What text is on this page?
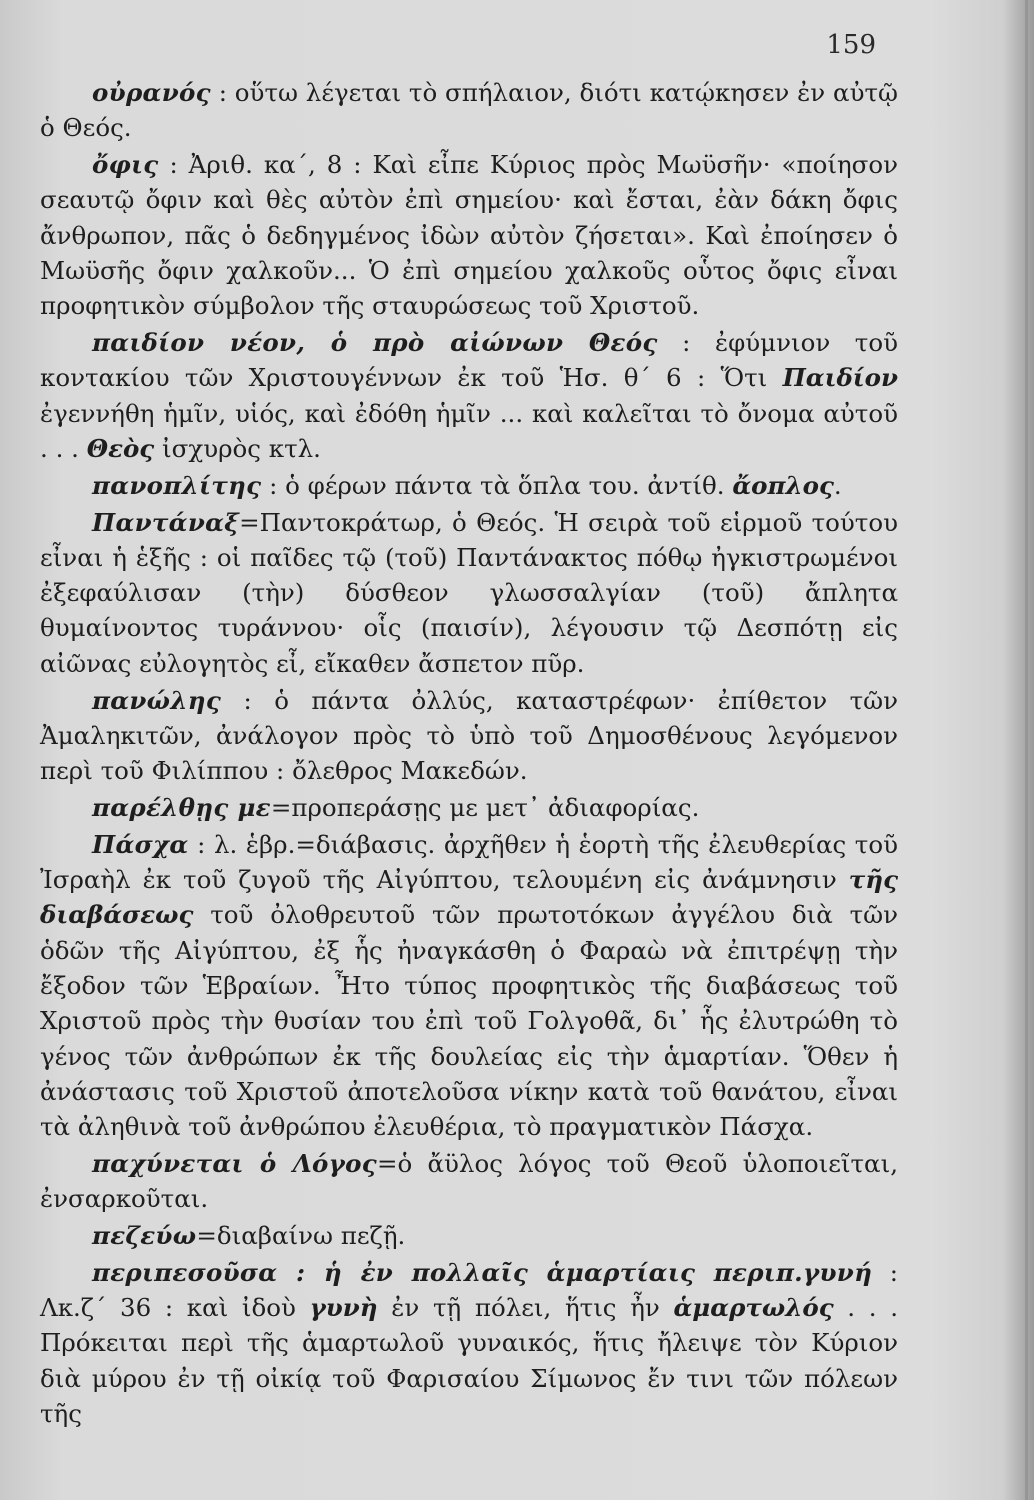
159

οὐρανός : οὕτω λέγεται τὸ σπήλαιον, διότι κατῴκησεν ἐν αὐτῷ ὁ Θεός.

ὄφις : Ἀριθ. κα΄, 8 : Καὶ εἶπε Κύριος πρὸς Μωϋσῆν· «ποίησον σεαυτῷ ὄφιν καὶ θὲς αὐτὸν ἐπὶ σημείου· καὶ ἔσται, ἐὰν δάκη ὄφις ἄνθρωπον, πᾶς ὁ δεδηγμένος ἰδὼν αὐτὸν ζήσεται». Καὶ ἐποίησεν ὁ Μωϋσῆς ὄφιν χαλκοῦν... Ὁ ἐπὶ σημείου χαλκοῦς οὗτος ὄφις εἶναι προφητικὸν σύμβολον τῆς σταυρώσεως τοῦ Χριστοῦ.

παιδίον νέον, ὁ πρὸ αἰώνων Θεός : ἐφύμνιον τοῦ κοντακίου τῶν Χριστουγέννων ἐκ τοῦ Ἡσ. θ΄ 6 : Ὅτι Παιδίον ἐγεννήθη ἡμῖν, υἱός, καὶ ἐδόθη ἡμῖν ... καὶ καλεῖται τὸ ὄνομα αὐτοῦ . . . Θεὸς ἰσχυρὸς κτλ.

πανοπλίτης : ὁ φέρων πάντα τὰ ὅπλα του. ἀντίθ. ἄοπλος.

Παντάναξ=Παντοκράτωρ, ὁ Θεός. Ἡ σειρὰ τοῦ εἱρμοῦ τούτου εἶναι ἡ ἑξῆς : οἱ παῖδες τῷ (τοῦ) Παντάνακτος πόθῳ ἠγκιστρωμένοι ἐξεφαύλισαν (τὴν) δύσθεον γλωσσαλγίαν (τοῦ) ἄπλητα θυμαίνοντος τυράννου· οἷς (παισίν), λέγουσιν τῷ Δεσπότῃ εἰς αἰῶνας εὐλογητὸς εἶ, εἴκαθεν ἄσπετον πῦρ.

πανώλης : ὁ πάντα ὀλλύς, καταστρέφων· ἐπίθετον τῶν Ἀμαληκιτῶν, ἀνάλογον πρὸς τὸ ὑπὸ τοῦ Δημοσθένους λεγόμενον περὶ τοῦ Φιλίππου : ὄλεθρος Μακεδών.

παρέλθῃς με=προπεράσῃς με μετ᾽ ἀδιαφορίας.

Πάσχα : λ. ἑβρ.=διάβασις. ἀρχῆθεν ἡ ἑορτὴ τῆς ἐλευθερίας τοῦ Ἰσραὴλ ἐκ τοῦ ζυγοῦ τῆς Αἰγύπτου, τελουμένη εἰς ἀνάμνησιν τῆς διαβάσεως τοῦ ὀλοθρευτοῦ τῶν πρωτοτόκων ἀγγέλου διὰ τῶν ὁδῶν τῆς Αἰγύπτου, ἐξ ἧς ἠναγκάσθη ὁ Φαραὼ νὰ ἐπιτρέψῃ τὴν ἔξοδον τῶν Ἑβραίων. Ἦτο τύπος προφητικὸς τῆς διαβάσεως τοῦ Χριστοῦ πρὸς τὴν θυσίαν του ἐπὶ τοῦ Γολγοθᾶ, δι᾽ ἧς ἐλυτρώθη τὸ γένος τῶν ἀνθρώπων ἐκ τῆς δουλείας εἰς τὴν ἁμαρτίαν. Ὅθεν ἡ ἀνάστασις τοῦ Χριστοῦ ἀποτελοῦσα νίκην κατὰ τοῦ θανάτου, εἶναι τὰ ἀληθινὰ τοῦ ἀνθρώπου ἐλευθέρια, τὸ πραγματικὸν Πάσχα.

παχύνεται ὁ Λόγος=ὁ ἄϋλος λόγος τοῦ Θεοῦ ὑλοποιεῖται, ἐνσαρκοῦται.

πεζεύω=διαβαίνω πεζῇ.

περιπεσοῦσα : ἡ ἐν πολλαῖς ἁμαρτίαις περιπ.γυνή : Λκ.ζ΄ 36 : καὶ ἰδοὺ γυνὴ ἐν τῇ πόλει, ἥτις ἦν ἁμαρτωλός . . . Πρόκειται περὶ τῆς ἁμαρτωλοῦ γυναικός, ἥτις ἤλειψε τὸν Κύριον διὰ μύρου ἐν τῇ οἰκίᾳ τοῦ Φαρισαίου Σίμωνος ἔν τινι τῶν πόλεων τῆς
